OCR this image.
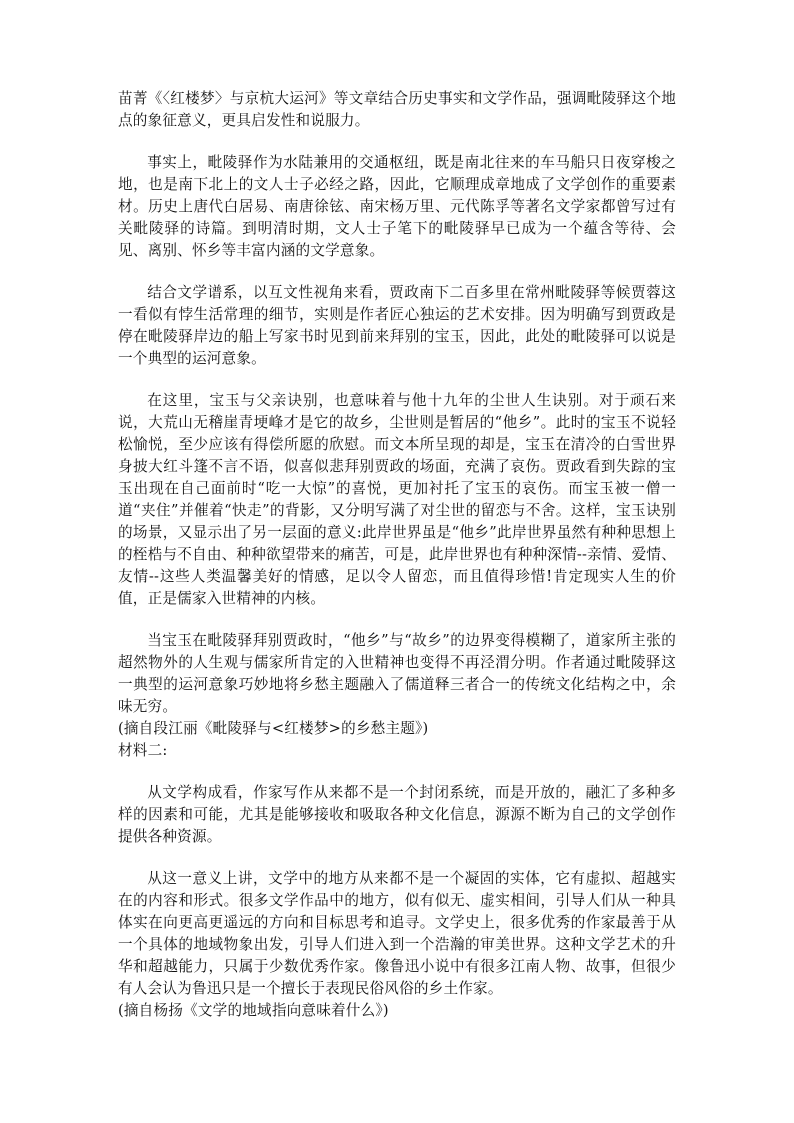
苗菁《〈红楼梦〉与京杭大运河》等文章结合历史事实和文学作品，强调毗陵驿这个地点的象征意义，更具启发性和说服力。

事实上，毗陵驿作为水陆兼用的交通枢纽，既是南北往来的车马船只日夜穿梭之地，也是南下北上的文人士子必经之路，因此，它顺理成章地成了文学创作的重要素材。历史上唐代白居易、南唐徐铉、南宋杨万里、元代陈孚等著名文学家都曾写过有关毗陵驿的诗篇。到明清时期，文人士子笔下的毗陵驿早已成为一个蕴含等待、会见、离别、怀乡等丰富内涵的文学意象。

结合文学谱系，以互文性视角来看，贾政南下二百多里在常州毗陵驿等候贾蓉这一看似有悖生活常理的细节，实则是作者匠心独运的艺术安排。因为明确写到贾政是停在毗陵驿岸边的船上写家书时见到前来拜别的宝玉，因此，此处的毗陵驿可以说是一个典型的运河意象。

在这里，宝玉与父亲诀别，也意味着与他十九年的尘世人生诀别。对于顽石来说，大荒山无稽崖青埂峰才是它的故乡，尘世则是暂居的“他乡”。此时的宝玉不说轻松愉悦，至少应该有得偿所愿的欣慰。而文本所呈现的却是，宝玉在清冷的白雪世界身披大红斗篷不言不语，似喜似悲拜别贾政的场面，充满了哀伤。贾政看到失踪的宝玉出现在自己面前时“吃一大惊”的喜悦，更加衬托了宝玉的哀伤。而宝玉被一僧一道“夹住”并催着“快走”的背影，又分明写满了对尘世的留恋与不舍。这样，宝玉诀别的场景，又显示出了另一层面的意义:此岸世界虽是“他乡”此岸世界虽然有种种思想上的桎梏与不自由、种种欲望带来的痛苦，可是，此岸世界也有种种深情--亲情、爱情、友情--这些人类温馨美好的情感，足以令人留恋，而且值得珍惜!肯定现实人生的价值，正是儒家入世精神的内核。

当宝玉在毗陵驿拜别贾政时，“他乡”与“故乡”的边界变得模糊了，道家所主张的超然物外的人生观与儒家所肯定的入世精神也变得不再泾渭分明。作者通过毗陵驿这一典型的运河意象巧妙地将乡愁主题融入了儒道释三者合一的传统文化结构之中，余味无穷。

(摘自段江丽《毗陵驿与<红楼梦>的乡愁主题》)

材料二:

从文学构成看，作家写作从来都不是一个封闭系统，而是开放的，融汇了多种多样的因素和可能，尤其是能够接收和吸取各种文化信息，源源不断为自己的文学创作提供各种资源。

从这一意义上讲，文学中的地方从来都不是一个凝固的实体，它有虚拟、超越实在的内容和形式。很多文学作品中的地方，似有似无、虚实相间，引导人们从一种具体实在向更高更遥远的方向和目标思考和追寻。文学史上，很多优秀的作家最善于从一个具体的地域物象出发，引导人们进入到一个浩瀚的审美世界。这种文学艺术的升华和超越能力，只属于少数优秀作家。像鲁迅小说中有很多江南人物、故事，但很少有人会认为鲁迅只是一个擅长于表现民俗风俗的乡土作家。

(摘自杨扬《文学的地域指向意味着什么》)
